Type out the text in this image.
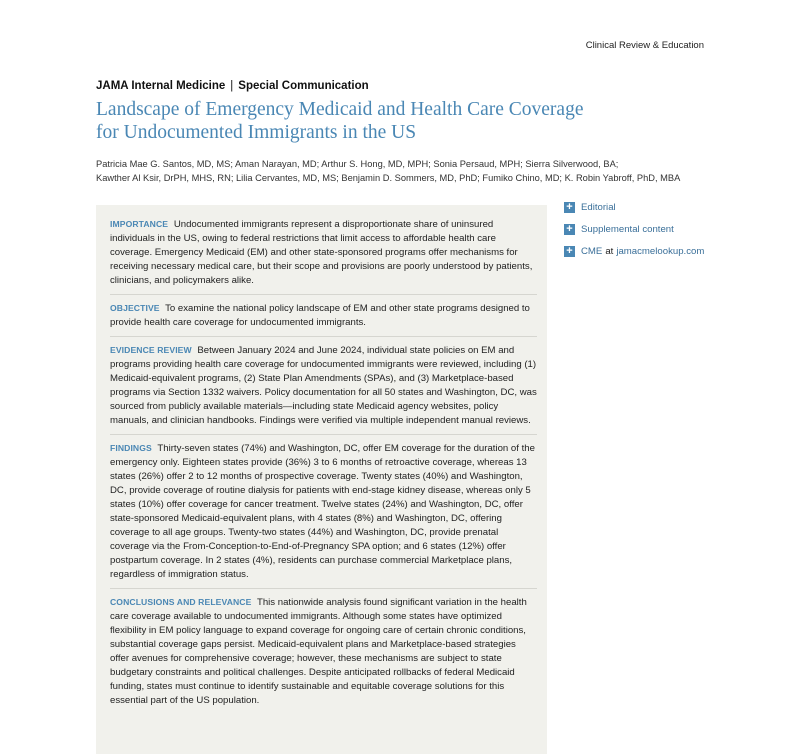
Clinical Review & Education
JAMA Internal Medicine | Special Communication
Landscape of Emergency Medicaid and Health Care Coverage
for Undocumented Immigrants in the US
Patricia Mae G. Santos, MD, MS; Aman Narayan, MD; Arthur S. Hong, MD, MPH; Sonia Persaud, MPH; Sierra Silverwood, BA;
Kawther Al Ksir, DrPH, MHS, RN; Lilia Cervantes, MD, MS; Benjamin D. Sommers, MD, PhD; Fumiko Chino, MD; K. Robin Yabroff, PhD, MBA
IMPORTANCE Undocumented immigrants represent a disproportionate share of uninsured individuals in the US, owing to federal restrictions that limit access to affordable health care coverage. Emergency Medicaid (EM) and other state-sponsored programs offer mechanisms for receiving necessary medical care, but their scope and provisions are poorly understood by patients, clinicians, and policymakers alike.
OBJECTIVE To examine the national policy landscape of EM and other state programs designed to provide health care coverage for undocumented immigrants.
EVIDENCE REVIEW Between January 2024 and June 2024, individual state policies on EM and programs providing health care coverage for undocumented immigrants were reviewed, including (1) Medicaid-equivalent programs, (2) State Plan Amendments (SPAs), and (3) Marketplace-based programs via Section 1332 waivers. Policy documentation for all 50 states and Washington, DC, was sourced from publicly available materials—including state Medicaid agency websites, policy manuals, and clinician handbooks. Findings were verified via multiple independent manual reviews.
FINDINGS Thirty-seven states (74%) and Washington, DC, offer EM coverage for the duration of the emergency only. Eighteen states provide (36%) 3 to 6 months of retroactive coverage, whereas 13 states (26%) offer 2 to 12 months of prospective coverage. Twenty states (40%) and Washington, DC, provide coverage of routine dialysis for patients with end-stage kidney disease, whereas only 5 states (10%) offer coverage for cancer treatment. Twelve states (24%) and Washington, DC, offer state-sponsored Medicaid-equivalent plans, with 4 states (8%) and Washington, DC, offering coverage to all age groups. Twenty-two states (44%) and Washington, DC, provide prenatal coverage via the From-Conception-to-End-of-Pregnancy SPA option; and 6 states (12%) offer postpartum coverage. In 2 states (4%), residents can purchase commercial Marketplace plans, regardless of immigration status.
CONCLUSIONS AND RELEVANCE This nationwide analysis found significant variation in the health care coverage available to undocumented immigrants. Although some states have optimized flexibility in EM policy language to expand coverage for ongoing care of certain chronic conditions, substantial coverage gaps persist. Medicaid-equivalent plans and Marketplace-based strategies offer avenues for comprehensive coverage; however, these mechanisms are subject to state budgetary constraints and political challenges. Despite anticipated rollbacks of federal Medicaid funding, states must continue to identify sustainable and equitable coverage solutions for this essential part of the US population.
+ Editorial
+ Supplemental content
+ CME at jamacmelookup.com
